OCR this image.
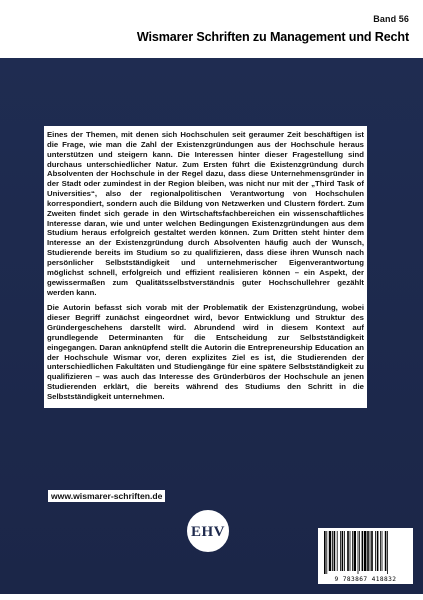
Band 56
Wismarer Schriften zu Management und Recht

Eines der Themen, mit denen sich Hochschulen seit geraumer Zeit beschäftigen ist die Frage, wie man die Zahl der Existenzgründungen aus der Hochschule heraus unterstützen und steigern kann. Die Interessen hinter dieser Fragestellung sind durchaus unterschiedlicher Natur. Zum Ersten führt die Existenzgründung durch Absolventen der Hochschule in der Regel dazu, dass diese Unternehmensgründer in der Stadt oder zumindest in der Region bleiben, was nicht nur mit der „Third Task of Universities“, also der regionalpolitischen Verantwortung von Hochschulen korrespondiert, sondern auch die Bildung von Netzwerken und Clustern fördert. Zum Zweiten findet sich gerade in den Wirtschaftsfachbereichen ein wissenschaftliches Interesse daran, wie und unter welchen Bedingungen Existenzgründungen aus dem Studium heraus erfolgreich gestaltet werden können. Zum Dritten steht hinter dem Interesse an der Existenzgründung durch Absolventen häufig auch der Wunsch, Studierende bereits im Studium so zu qualifizieren, dass diese ihren Wunsch nach persönlicher Selbstständigkeit und unternehmerischer Eigenverantwortung möglichst schnell, erfolgreich und effizient realisieren können – ein Aspekt, der gewissermaßen zum Qualitätsselbstverständnis guter Hochschullehrer gezählt werden kann.

Die Autorin befasst sich vorab mit der Problematik der Existenzgründung, wobei dieser Begriff zunächst eingeordnet wird, bevor Entwicklung und Struktur des Gründergeschehens darstellt wird. Abrundend wird in diesem Kontext auf grundlegende Determinanten für die Entscheidung zur Selbstständigkeit eingegangen. Daran anknüpfend stellt die Autorin die Entrepreneurship Education an der Hochschule Wismar vor, deren explizites Ziel es ist, die Studierenden der unterschiedlichen Fakultäten und Studiengänge für eine spätere Selbstständigkeit zu qualifizieren – was auch das Interesse des Gründerbüros der Hochschule an jenen Studierenden erklärt, die bereits während des Studiums den Schritt in die Selbstständigkeit unternehmen.

www.wismarer-schriften.de
EHV
9 783867 418832
